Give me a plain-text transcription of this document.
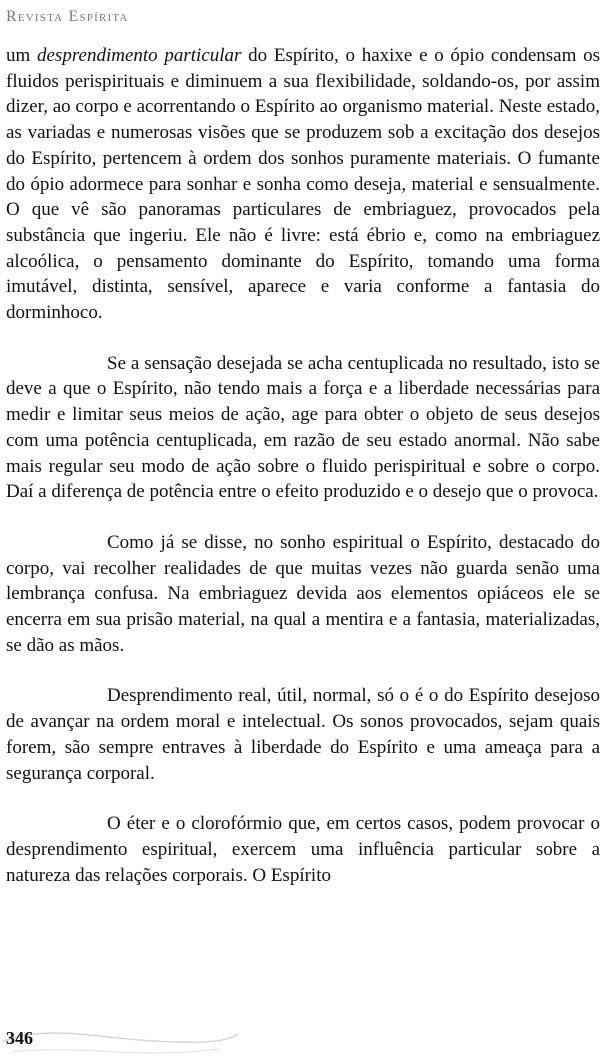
Revista Espírita

um desprendimento particular do Espírito, o haxixe e o ópio condensam os fluidos perispirituais e diminuem a sua flexibilidade, soldando-os, por assim dizer, ao corpo e acorrentando o Espírito ao organismo material. Neste estado, as variadas e numerosas visões que se produzem sob a excitação dos desejos do Espírito, pertencem à ordem dos sonhos puramente materiais. O fumante do ópio adormece para sonhar e sonha como deseja, material e sensualmente. O que vê são panoramas particulares de embriaguez, provocados pela substância que ingeriu. Ele não é livre: está ébrio e, como na embriaguez alcoólica, o pensamento dominante do Espírito, tomando uma forma imutável, distinta, sensível, aparece e varia conforme a fantasia do dorminhoco.

Se a sensação desejada se acha centuplicada no resultado, isto se deve a que o Espírito, não tendo mais a força e a liberdade necessárias para medir e limitar seus meios de ação, age para obter o objeto de seus desejos com uma potência centuplicada, em razão de seu estado anormal. Não sabe mais regular seu modo de ação sobre o fluido perispiritual e sobre o corpo. Daí a diferença de potência entre o efeito produzido e o desejo que o provoca.

Como já se disse, no sonho espiritual o Espírito, destacado do corpo, vai recolher realidades de que muitas vezes não guarda senão uma lembrança confusa. Na embriaguez devida aos elementos opiáceos ele se encerra em sua prisão material, na qual a mentira e a fantasia, materializadas, se dão as mãos.

Desprendimento real, útil, normal, só o é o do Espírito desejoso de avançar na ordem moral e intelectual. Os sonos provocados, sejam quais forem, são sempre entraves à liberdade do Espírito e uma ameaça para a segurança corporal.

O éter e o clorofórmio que, em certos casos, podem provocar o desprendimento espiritual, exercem uma influência particular sobre a natureza das relações corporais. O Espírito

346
